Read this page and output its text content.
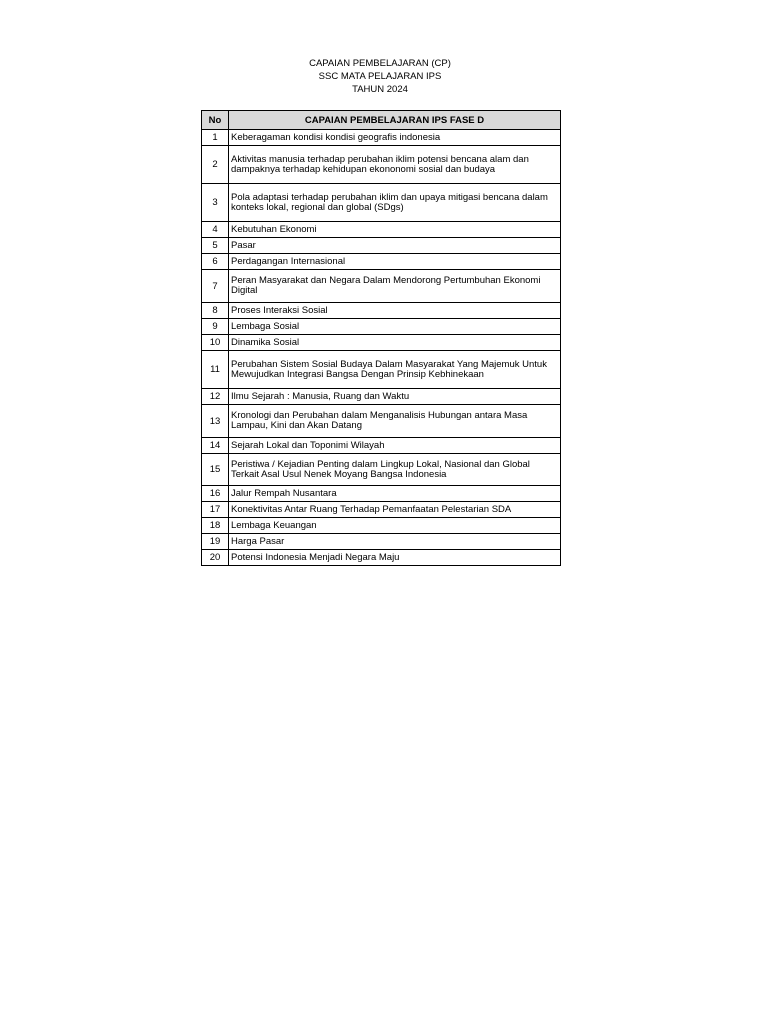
CAPAIAN PEMBELAJARAN (CP)
SSC MATA PELAJARAN IPS
TAHUN 2024
No	CAPAIAN PEMBELAJARAN IPS FASE D
1	Keberagaman kondisi kondisi geografis indonesia
2	Aktivitas manusia terhadap perubahan iklim potensi bencana alam dan dampaknya terhadap kehidupan ekononomi sosial dan budaya
3	Pola adaptasi terhadap perubahan iklim dan upaya mitigasi bencana dalam konteks lokal, regional dan global (SDgs)
4	Kebutuhan Ekonomi
5	Pasar
6	Perdagangan Internasional
7	Peran Masyarakat dan Negara Dalam Mendorong Pertumbuhan Ekonomi Digital
8	Proses Interaksi Sosial
9	Lembaga Sosial
10	Dinamika Sosial
11	Perubahan Sistem Sosial Budaya Dalam Masyarakat Yang Majemuk Untuk Mewujudkan Integrasi Bangsa Dengan Prinsip Kebhinekaan
12	Ilmu Sejarah : Manusia, Ruang dan Waktu
13	Kronologi dan Perubahan dalam Menganalisis Hubungan antara Masa Lampau, Kini dan Akan Datang
14	Sejarah Lokal dan Toponimi Wilayah
15	Peristiwa / Kejadian Penting dalam Lingkup Lokal, Nasional dan Global Terkait Asal Usul Nenek Moyang Bangsa Indonesia
16	Jalur Rempah Nusantara
17	Konektivitas Antar Ruang Terhadap Pemanfaatan Pelestarian SDA
18	Lembaga Keuangan
19	Harga Pasar
20	Potensi Indonesia Menjadi Negara Maju
